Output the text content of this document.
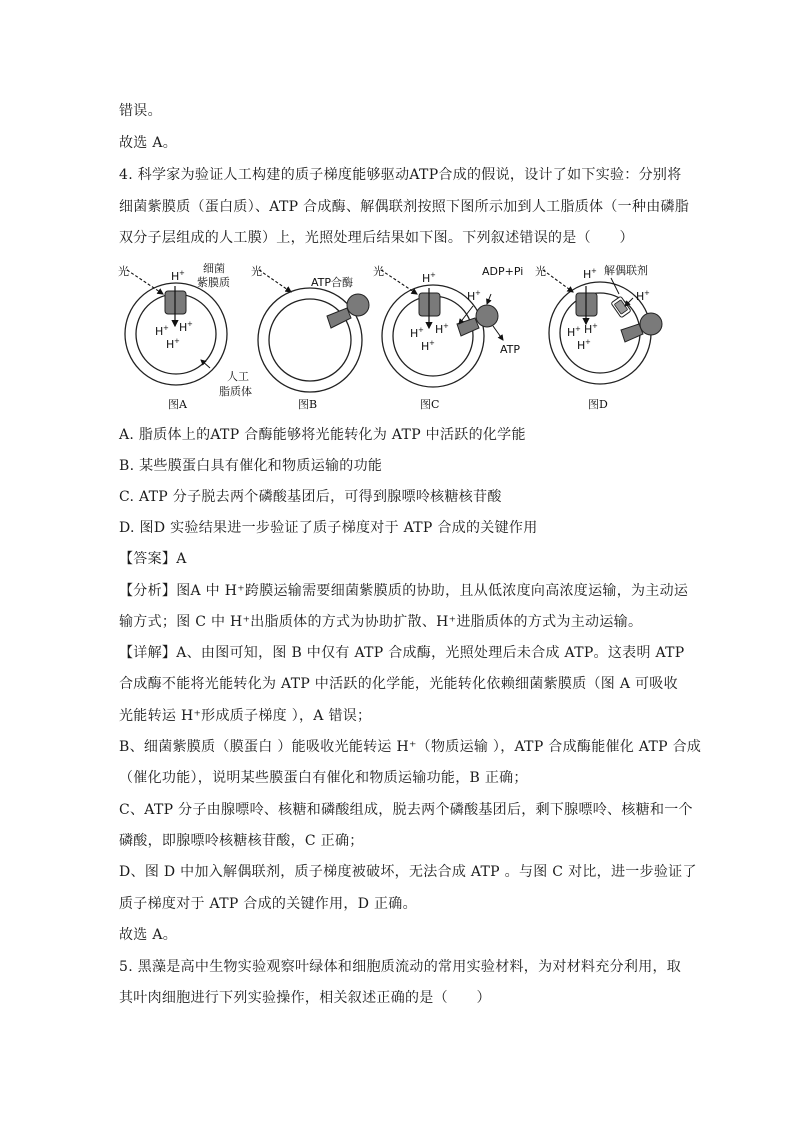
错误。
故选 A。
4. 科学家为验证人工构建的质子梯度能够驱动ATP合成的假说，设计了如下实验：分别将
细菌紫膜质（蛋白质）、ATP 合成酶、解偶联剂按照下图所示加到人工脂质体（一种由磷脂
双分子层组成的人工膜）上，光照处理后结果如下图。下列叙述错误的是（　　）
光	H
细菌
紫膜质
H H
H
人工
脂质体
图A
+
+	+
+
光
ATP合酶
图B
光
H
ADP+Pi
H
ATP
H H
H
图C
+
+
+	+
+
光	H 解偶联剂
H
H H
H
图D
+
+
+ +
+
A. 脂质体上的ATP 合酶能够将光能转化为 ATP 中活跃的化学能
B. 某些膜蛋白具有催化和物质运输的功能
C. ATP 分子脱去两个磷酸基团后，可得到腺嘌呤核糖核苷酸
D. 图D 实验结果进一步验证了质子梯度对于 ATP 合成的关键作用
【答案】A
【分析】图A 中 H⁺跨膜运输需要细菌紫膜质的协助，且从低浓度向高浓度运输，为主动运
输方式；图 C 中 H⁺出脂质体的方式为协助扩散、H⁺进脂质体的方式为主动运输。
【详解】A、由图可知，图 B 中仅有 ATP 合成酶，光照处理后未合成 ATP。这表明 ATP
合成酶不能将光能转化为 ATP 中活跃的化学能，光能转化依赖细菌紫膜质（图 A 可吸收
光能转运 H⁺形成质子梯度 ），A 错误；
B、细菌紫膜质（膜蛋白 ）能吸收光能转运 H⁺（物质运输 ），ATP 合成酶能催化 ATP 合成
（催化功能），说明某些膜蛋白有催化和物质运输功能，B 正确；
C、ATP 分子由腺嘌呤、核糖和磷酸组成，脱去两个磷酸基团后，剩下腺嘌呤、核糖和一个
磷酸，即腺嘌呤核糖核苷酸，C 正确；
D、图 D 中加入解偶联剂，质子梯度被破坏，无法合成 ATP 。与图 C 对比，进一步验证了
质子梯度对于 ATP 合成的关键作用，D 正确。
故选 A。
5. 黑藻是高中生物实验观察叶绿体和细胞质流动的常用实验材料，为对材料充分利用，取
其叶肉细胞进行下列实验操作，相关叙述正确的是（　　）
